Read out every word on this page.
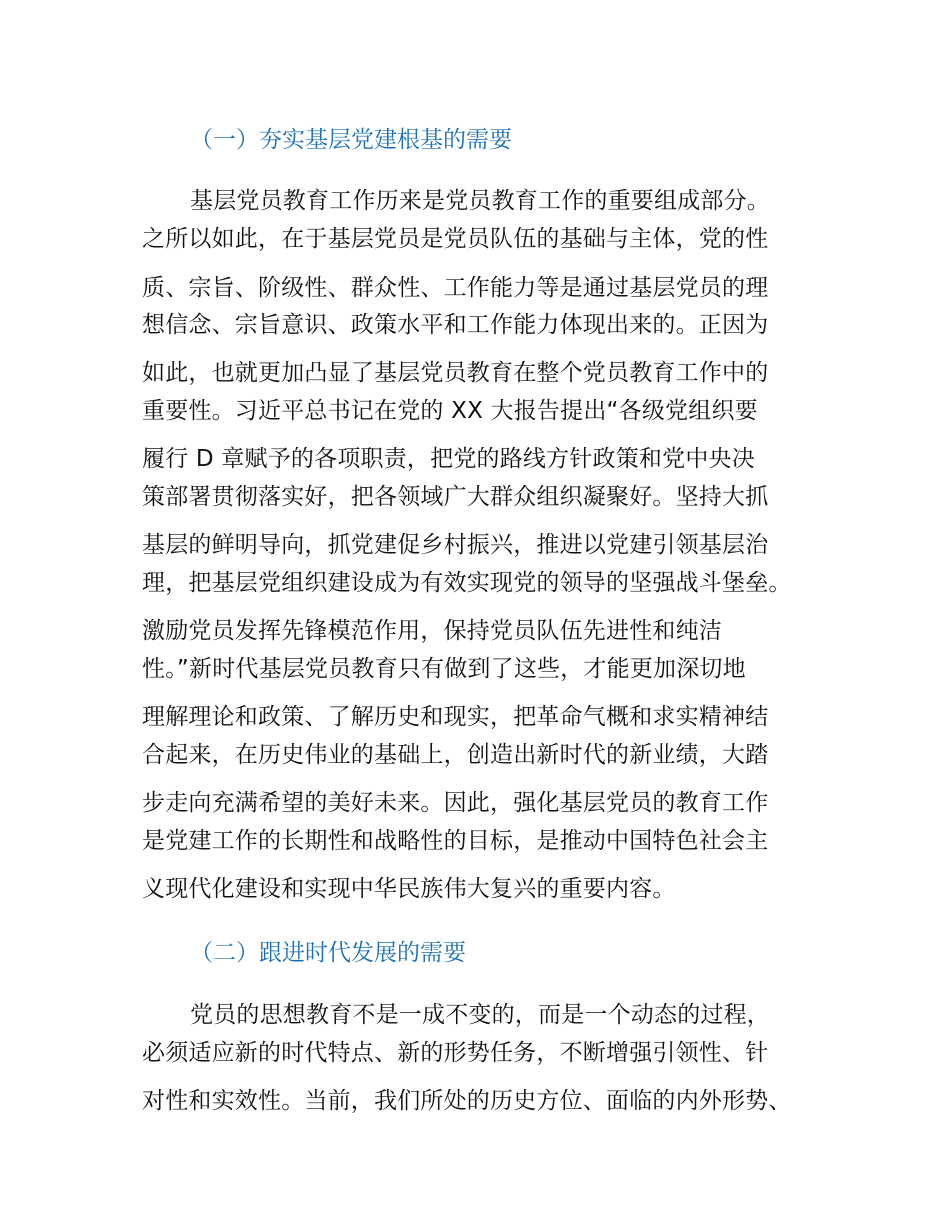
（一）夯实基层党建根基的需要

基层党员教育工作历来是党员教育工作的重要组成部分。

之所以如此，在于基层党员是党员队伍的基础与主体，党的性

质、宗旨、阶级性、群众性、工作能力等是通过基层党员的理

想信念、宗旨意识、政策水平和工作能力体现出来的。正因为

如此，也就更加凸显了基层党员教育在整个党员教育工作中的

重要性。习近平总书记在党的 XX 大报告提出“各级党组织要

履行 D 章赋予的各项职责，把党的路线方针政策和党中央决

策部署贯彻落实好，把各领域广大群众组织凝聚好。坚持大抓

基层的鲜明导向，抓党建促乡村振兴，推进以党建引领基层治

理，把基层党组织建设成为有效实现党的领导的坚强战斗堡垒。

激励党员发挥先锋模范作用，保持党员队伍先进性和纯洁

性。”新时代基层党员教育只有做到了这些，才能更加深切地

理解理论和政策、了解历史和现实，把革命气概和求实精神结

合起来，在历史伟业的基础上，创造出新时代的新业绩，大踏

步走向充满希望的美好未来。因此，强化基层党员的教育工作

是党建工作的长期性和战略性的目标，是推动中国特色社会主

义现代化建设和实现中华民族伟大复兴的重要内容。

（二）跟进时代发展的需要

党员的思想教育不是一成不变的，而是一个动态的过程，

必须适应新的时代特点、新的形势任务，不断增强引领性、针

对性和实效性。当前，我们所处的历史方位、面临的内外形势、
